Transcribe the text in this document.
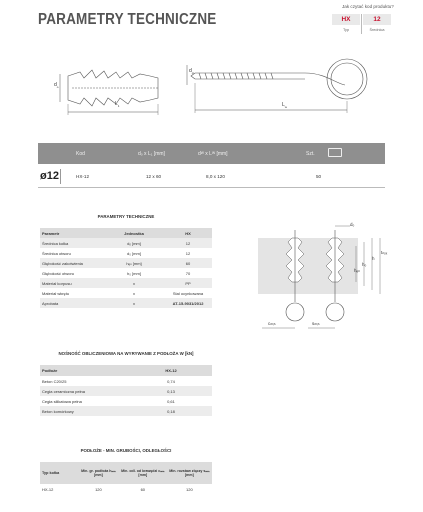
PARAMETRY TECHNICZNE
Jak czytać kod produktu?
HX	12
Typ	Średnica
$d_o$
$L_1$
$d_d$
$L_w$
Kod	dₒ x L₁ [mm]	dᵂ x Lᵂ [mm]	Szt.
HX-12	12 x 60	8,0 x 120	50
ø12
PARAMETRY TECHNICZNE
Parametr	Jednostka	HX
Średnica kołka	dₒ [mm]	12
Średnica otworu	d₀ [mm]	12
Głębokość zakotwienia	hₑₙ [mm]	60
Głębokość otworu	h₀ [mm]	70
Materiał korpusu	x	PP
Materiał wkrętu	x	Stal ocynkowana
Aprobata	x	AT-15-9031/2012
d₀
hₑₙ
h₀
h
tₙₒₓ
cₘᵢₙ	sₘᵢₙ
NOŚNOŚĆ OBLICZENIOWA NA WYRYWANIE Z PODŁOŻA W [kN]
Podłoże	HX-12
Beton C20/25	0,74
Cegła ceramiczna pełna	0,13
Cegła silikatowa pełna	0,61
Beton komórkowy	0,18
PODŁOŻE - MIN. GRUBOŚCI, ODLEGŁOŚCI
Typ kołka	Min. gr. podłoża hₘᵢₙ [mm]	Min. odl. od krawędzi cₘᵢₙ [mm]	Min. rozstaw złączy sₘᵢₙ [mm]
HX-12	120	60	120
